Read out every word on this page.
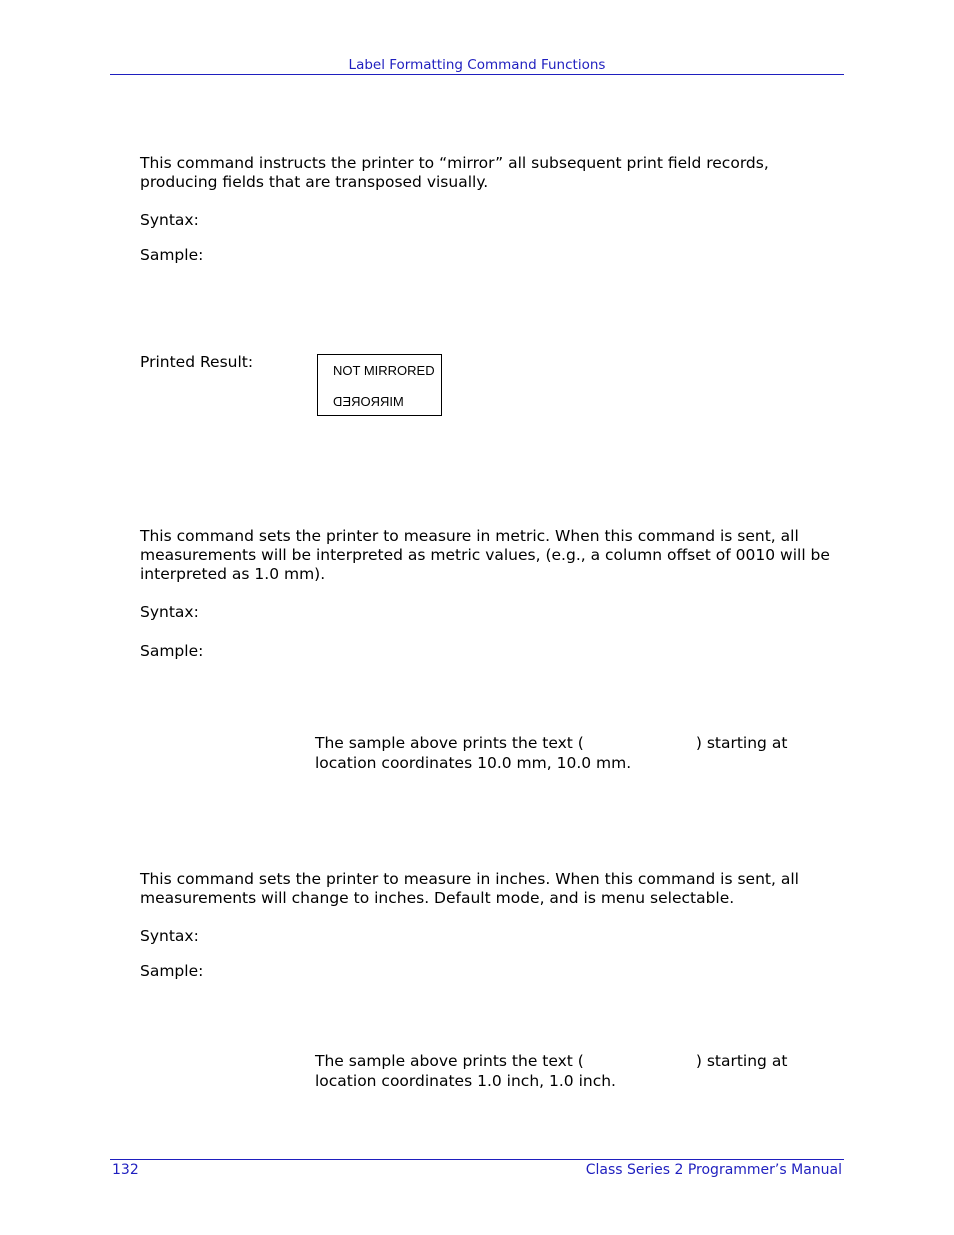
Label Formatting Command Functions
This command instructs the printer to “mirror” all subsequent print field records,
producing fields that are transposed visually.
Syntax:
Sample:
Printed Result:	NOT MIRRORED
MIRRORED
This command sets the printer to measure in metric. When this command is sent, all
measurements will be interpreted as metric values, (e.g., a column offset of 0010 will be
interpreted as 1.0 mm).
Syntax:
Sample:
The sample above prints the text (	) starting at
location coordinates 10.0 mm, 10.0 mm.
This command sets the printer to measure in inches. When this command is sent, all
measurements will change to inches. Default mode, and is menu selectable.
Syntax:
Sample:
The sample above prints the text (	) starting at
location coordinates 1.0 inch, 1.0 inch.
132	Class Series 2 Programmer’s Manual
